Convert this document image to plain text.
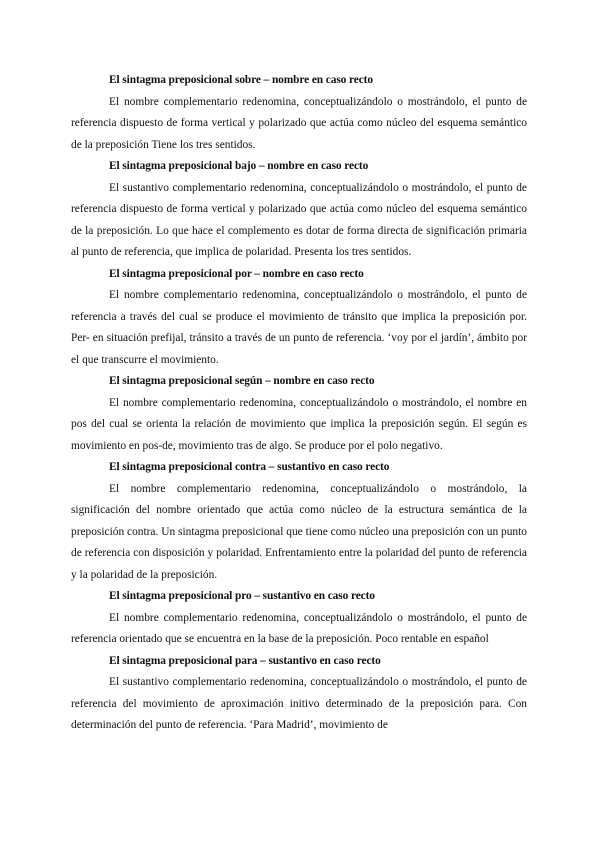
El sintagma preposicional sobre – nombre en caso recto

El nombre complementario redenomina, conceptualizándolo o mostrándolo, el punto de referencia dispuesto de forma vertical y polarizado que actúa como núcleo del esquema semántico de la preposición Tiene los tres sentidos.

El sintagma preposicional bajo – nombre en caso recto

El sustantivo complementario redenomina, conceptualizándolo o mostrándolo, el punto de referencia dispuesto de forma vertical y polarizado que actúa como núcleo del esquema semántico de la preposición. Lo que hace el complemento es dotar de forma directa de significación primaria al punto de referencia, que implica de polaridad. Presenta los tres sentidos.

El sintagma preposicional por – nombre en caso recto

El nombre complementario redenomina, conceptualizándolo o mostrándolo, el punto de referencia a través del cual se produce el movimiento de tránsito que implica la preposición por. Per- en situación prefijal, tránsito a través de un punto de referencia. ‘voy por el jardín’, ámbito por el que transcurre el movimiento.

El sintagma preposicional según – nombre en caso recto

El nombre complementario redenomina, conceptualizándolo o mostrándolo, el nombre en pos del cual se orienta la relación de movimiento que implica la preposición según. El según es movimiento en pos-de, movimiento tras de algo. Se produce por el polo negativo.

El sintagma preposicional contra – sustantivo en caso recto

El nombre complementario redenomina, conceptualizándolo o mostrándolo, la significación del nombre orientado que actúa como núcleo de la estructura semántica de la preposición contra. Un sintagma preposicional que tiene como núcleo una preposición con un punto de referencia con disposición y polaridad. Enfrentamiento entre la polaridad del punto de referencia y la polaridad de la preposición.

El sintagma preposicional pro – sustantivo en caso recto

El nombre complementario redenomina, conceptualizándolo o mostrándolo, el punto de referencia orientado que se encuentra en la base de la preposición. Poco rentable en español

El sintagma preposicional para – sustantivo en caso recto

El sustantivo complementario redenomina, conceptualizándolo o mostrándolo, el punto de referencia del movimiento de aproximación initivo determinado de la preposición para. Con determinación del punto de referencia. ‘Para Madrid’, movimiento de
